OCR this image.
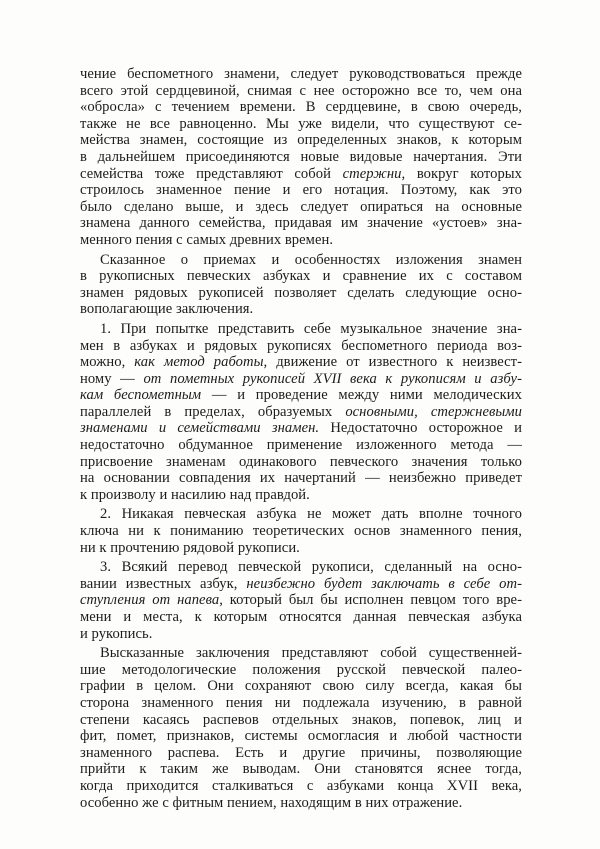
чение беспометного знамени, следует руководствоваться прежде
всего этой сердцевиной, снимая с нее осторожно все то, чем она
«обросла» с течением времени. В сердцевине, в свою очередь,
также не все равноценно. Мы уже видели, что существуют се-
мейства знамен, состоящие из определенных знаков, к которым
в дальнейшем присоединяются новые видовые начертания. Эти
семейства тоже представляют собой стержни, вокруг которых
строилось знаменное пение и его нотация. Поэтому, как это
было сделано выше, и здесь следует опираться на основные
знамена данного семейства, придавая им значение «устоев» зна-
менного пения с самых древних времен.
Сказанное о приемах и особенностях изложения знамен
в рукописных певческих азбуках и сравнение их с составом
знамен рядовых рукописей позволяет сделать следующие осно-
вополагающие заключения.
1. При попытке представить себе музыкальное значение зна-
мен в азбуках и рядовых рукописях беспометного периода воз-
можно, как метод работы, движение от известного к неизвест-
ному — от пометных рукописей XVII века к рукописям и азбу-
кам беспометным — и проведение между ними мелодических
параллелей в пределах, образуемых основными, стержневыми
знаменами и семействами знамен. Недостаточно осторожное и
недостаточно обдуманное применение изложенного метода —
присвоение знаменам одинакового певческого значения только
на основании совпадения их начертаний — неизбежно приведет
к произволу и насилию над правдой.
2. Никакая певческая азбука не может дать вполне точного
ключа ни к пониманию теоретических основ знаменного пения,
ни к прочтению рядовой рукописи.
3. Всякий перевод певческой рукописи, сделанный на осно-
вании известных азбук, неизбежно будет заключать в себе от-
ступления от напева, который был бы исполнен певцом того вре-
мени и места, к которым относятся данная певческая азбука
и рукопись.
Высказанные заключения представляют собой существенней-
шие методологические положения русской певческой палео-
графии в целом. Они сохраняют свою силу всегда, какая бы
сторона знаменного пения ни подлежала изучению, в равной
степени касаясь распевов отдельных знаков, попевок, лиц и
фит, помет, признаков, системы осмогласия и любой частности
знаменного распева. Есть и другие причины, позволяющие
прийти к таким же выводам. Они становятся яснее тогда,
когда приходится сталкиваться с азбуками конца XVII века,
особенно же с фитным пением, находящим в них отражение.
